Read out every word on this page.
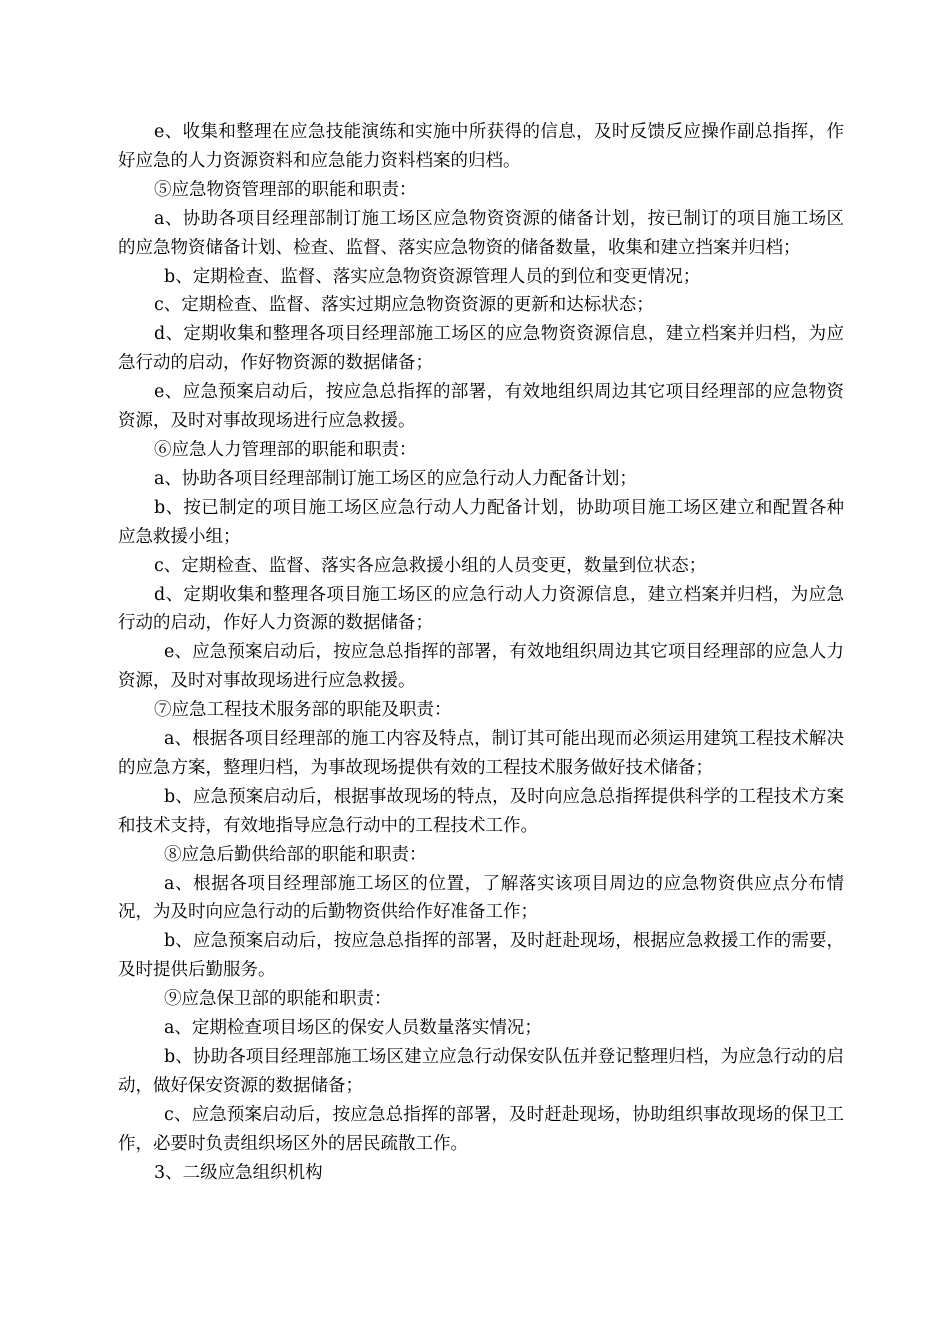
e、收集和整理在应急技能演练和实施中所获得的信息，及时反馈反应操作副总指挥，作好应急的人力资源资料和应急能力资料档案的归档。

⑤应急物资管理部的职能和职责：

a、协助各项目经理部制订施工场区应急物资资源的储备计划，按已制订的项目施工场区的应急物资储备计划、检查、监督、落实应急物资的储备数量，收集和建立挡案并归档；

b、定期检查、监督、落实应急物资资源管理人员的到位和变更情况；

c、定期检查、监督、落实过期应急物资资源的更新和达标状态；

d、定期收集和整理各项目经理部施工场区的应急物资资源信息，建立档案并归档，为应急行动的启动，作好物资源的数据储备；

e、应急预案启动后，按应急总指挥的部署，有效地组织周边其它项目经理部的应急物资资源，及时对事故现场进行应急救援。

⑥应急人力管理部的职能和职责：

a、协助各项目经理部制订施工场区的应急行动人力配备计划；

b、按已制定的项目施工场区应急行动人力配备计划，协助项目施工场区建立和配置各种应急救援小组；

c、定期检查、监督、落实各应急救援小组的人员变更，数量到位状态；

d、定期收集和整理各项目施工场区的应急行动人力资源信息，建立档案并归档，为应急行动的启动，作好人力资源的数据储备；

e、应急预案启动后，按应急总指挥的部署，有效地组织周边其它项目经理部的应急人力资源，及时对事故现场进行应急救援。

⑦应急工程技术服务部的职能及职责：

a、根据各项目经理部的施工内容及特点，制订其可能出现而必须运用建筑工程技术解决的应急方案，整理归档，为事故现场提供有效的工程技术服务做好技术储备；

b、应急预案启动后，根据事故现场的特点，及时向应急总指挥提供科学的工程技术方案和技术支持，有效地指导应急行动中的工程技术工作。

⑧应急后勤供给部的职能和职责：

a、根据各项目经理部施工场区的位置，了解落实该项目周边的应急物资供应点分布情况，为及时向应急行动的后勤物资供给作好准备工作；

b、应急预案启动后，按应急总指挥的部署，及时赶赴现场，根据应急救援工作的需要，及时提供后勤服务。

⑨应急保卫部的职能和职责：

a、定期检查项目场区的保安人员数量落实情况；

b、协助各项目经理部施工场区建立应急行动保安队伍并登记整理归档，为应急行动的启动，做好保安资源的数据储备；

c、应急预案启动后，按应急总指挥的部署，及时赶赴现场，协助组织事故现场的保卫工作，必要时负责组织场区外的居民疏散工作。

3、二级应急组织机构
